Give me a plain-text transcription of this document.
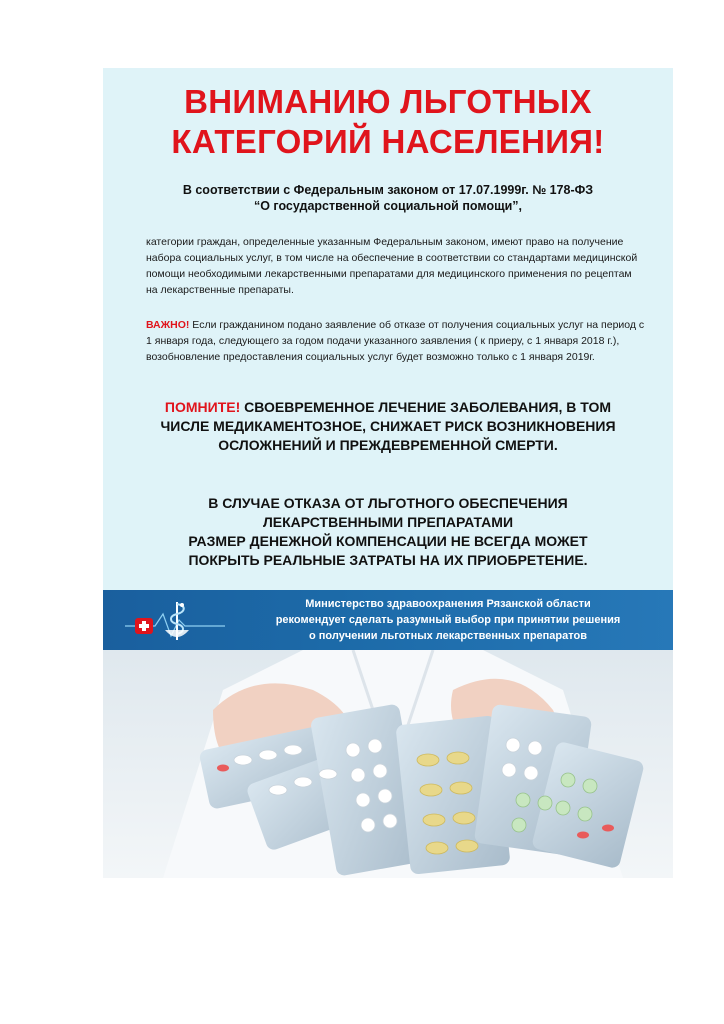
ВНИМАНИЮ ЛЬГОТНЫХ
КАТЕГОРИЙ НАСЕЛЕНИЯ!
В соответствии с Федеральным законом от 17.07.1999г. № 178-ФЗ
“О государственной социальной помощи”,
категории граждан, определенные указанным Федеральным законом, имеют право на получение набора социальных услуг, в том числе на обеспечение в соответствии со стандартами медицинской помощи необходимыми лекарственными препаратами для медицинского применения по рецептам на лекарственные препараты.
ВАЖНО! Если гражданином подано заявление об отказе от получения социальных услуг на период с 1 января года, следующего за годом подачи указанного заявления ( к приеру, с 1 января 2018 г.), возобновление предоставления социальных услуг будет возможно только с 1 января 2019г.
ПОМНИТЕ! СВОЕВРЕМЕННОЕ ЛЕЧЕНИЕ ЗАБОЛЕВАНИЯ, В ТОМ ЧИСЛЕ МЕДИКАМЕНТОЗНОЕ, СНИЖАЕТ РИСК ВОЗНИКНОВЕНИЯ ОСЛОЖНЕНИЙ И ПРЕЖДЕВРЕМЕННОЙ СМЕРТИ.
В СЛУЧАЕ ОТКАЗА ОТ ЛЬГОТНОГО ОБЕСПЕЧЕНИЯ
ЛЕКАРСТВЕННЫМИ ПРЕПАРАТАМИ
РАЗМЕР ДЕНЕЖНОЙ КОМПЕНСАЦИИ НЕ ВСЕГДА МОЖЕТ
ПОКРЫТЬ РЕАЛЬНЫЕ ЗАТРАТЫ НА ИХ ПРИОБРЕТЕНИЕ.
Министерство здравоохранения Рязанской области
рекомендует сделать разумный выбор при принятии решения
о получении льготных лекарственных препаратов
